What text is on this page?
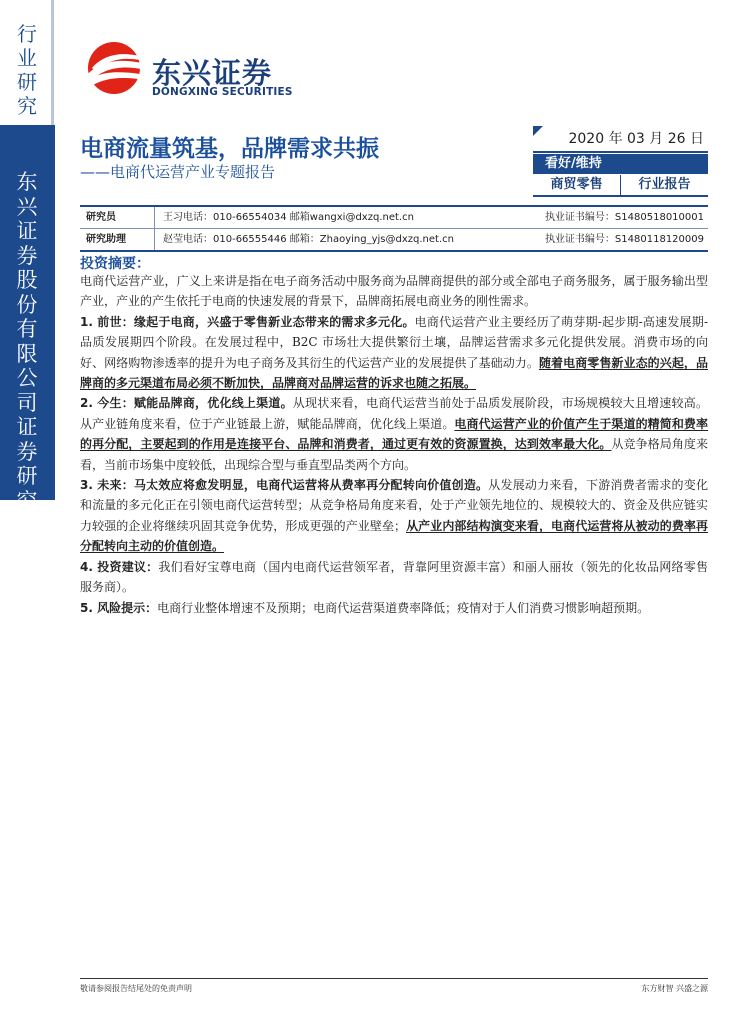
行业研究
东兴证券股份有限公司证券研究报告
东兴证券
DONGXING SECURITIES
电商流量筑基，品牌需求共振
——电商代运营产业专题报告
2020 年 03 月 26 日
看好/维持
商贸零售	行业报告
研究员	王习电话：010-66554034 邮箱wangxi@dxzq.net.cn	执业证书编号：S1480518010001
研究助理	赵莹电话：010-66555446 邮箱：Zhaoying_yjs@dxzq.net.cn	执业证书编号：S1480118120009
投资摘要：

电商代运营产业，广义上来讲是指在电子商务活动中服务商为品牌商提供的部分或全部电子商务服务，属于服务输出型产业，产业的产生依托于电商的快速发展的背景下，品牌商拓展电商业务的刚性需求。

1. 前世：缘起于电商，兴盛于零售新业态带来的需求多元化。电商代运营产业主要经历了萌芽期-起步期-高速发展期-品质发展期四个阶段。在发展过程中，B2C 市场壮大提供繁衍土壤，品牌运营需求多元化提供发展。消费市场的向好、网络购物渗透率的提升为电子商务及其衍生的代运营产业的发展提供了基础动力。随着电商零售新业态的兴起，品牌商的多元渠道布局必须不断加快，品牌商对品牌运营的诉求也随之拓展。

2. 今生：赋能品牌商，优化线上渠道。从现状来看，电商代运营当前处于品质发展阶段，市场规模较大且增速较高。从产业链角度来看，位于产业链最上游，赋能品牌商，优化线上渠道。电商代运营产业的价值产生于渠道的精简和费率的再分配，主要起到的作用是连接平台、品牌和消费者，通过更有效的资源置换，达到效率最大化。从竞争格局角度来看，当前市场集中度较低，出现综合型与垂直型品类两个方向。

3. 未来：马太效应将愈发明显，电商代运营将从费率再分配转向价值创造。从发展动力来看，下游消费者需求的变化和流量的多元化正在引领电商代运营转型；从竞争格局角度来看，处于产业领先地位的、规模较大的、资金及供应链实力较强的企业将继续巩固其竞争优势，形成更强的产业壁垒；从产业内部结构演变来看，电商代运营将从被动的费率再分配转向主动的价值创造。

4. 投资建议：我们看好宝尊电商（国内电商代运营领军者，背靠阿里资源丰富）和丽人丽妆（领先的化妆品网络零售服务商）。

5. 风险提示：电商行业整体增速不及预期；电商代运营渠道费率降低；疫情对于人们消费习惯影响超预期。

敬请参阅报告结尾处的免责声明	东方财智 兴盛之源
